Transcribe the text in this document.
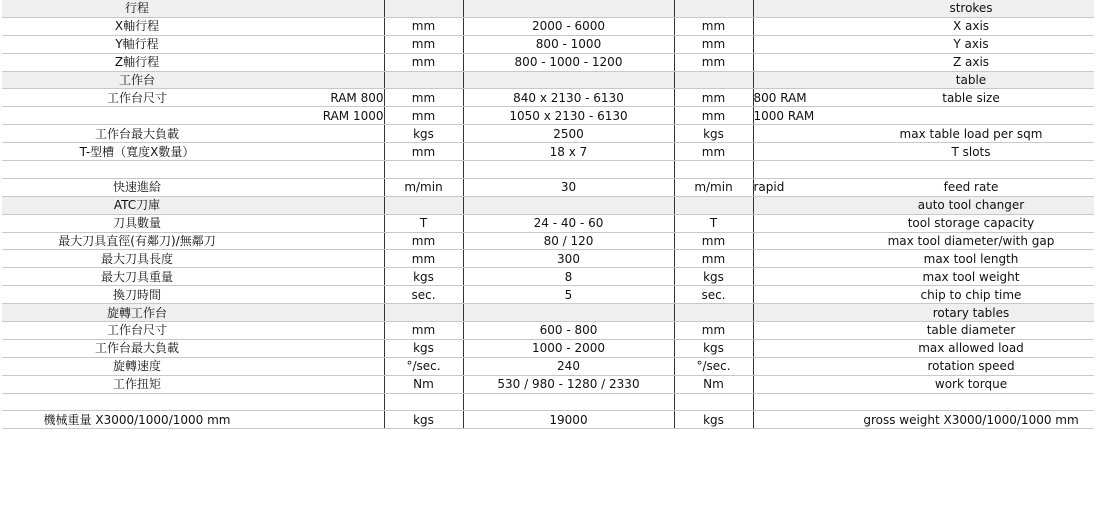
行程						strokes
X軸行程		mm	2000 - 6000	mm		X axis
Y軸行程		mm	800 - 1000	mm		Y axis
Z軸行程		mm	800 - 1000 - 1200	mm		Z axis
工作台						table
工作台尺寸	RAM 800	mm	840 x 2130 - 6130	mm	800 RAM	table size
	RAM 1000	mm	1050 x 2130 - 6130	mm	1000 RAM	
工作台最大負載		kgs	2500	kgs		max table load per sqm
T-型槽（寬度X數量）		mm	18 x 7	mm		T slots

快速進給		m/min	30	m/min	rapid	feed rate
ATC刀庫						auto tool changer
刀具數量		T	24 - 40 - 60	T		tool storage capacity
最大刀具直徑(有鄰刀)/無鄰刀		mm	80 / 120	mm		max tool diameter/with gap
最大刀具長度		mm	300	mm		max tool length
最大刀具重量		kgs	8	kgs		max tool weight
換刀時間		sec.	5	sec.		chip to chip time
旋轉工作台						rotary tables
工作台尺寸		mm	600 - 800	mm		table diameter
工作台最大負載		kgs	1000 - 2000	kgs		max allowed load
旋轉速度		°/sec.	240	°/sec.		rotation speed
工作扭矩		Nm	530 / 980 - 1280 / 2330	Nm		work torque

機械重量 X3000/1000/1000 mm		kgs	19000	kgs		gross weight X3000/1000/1000 mm
